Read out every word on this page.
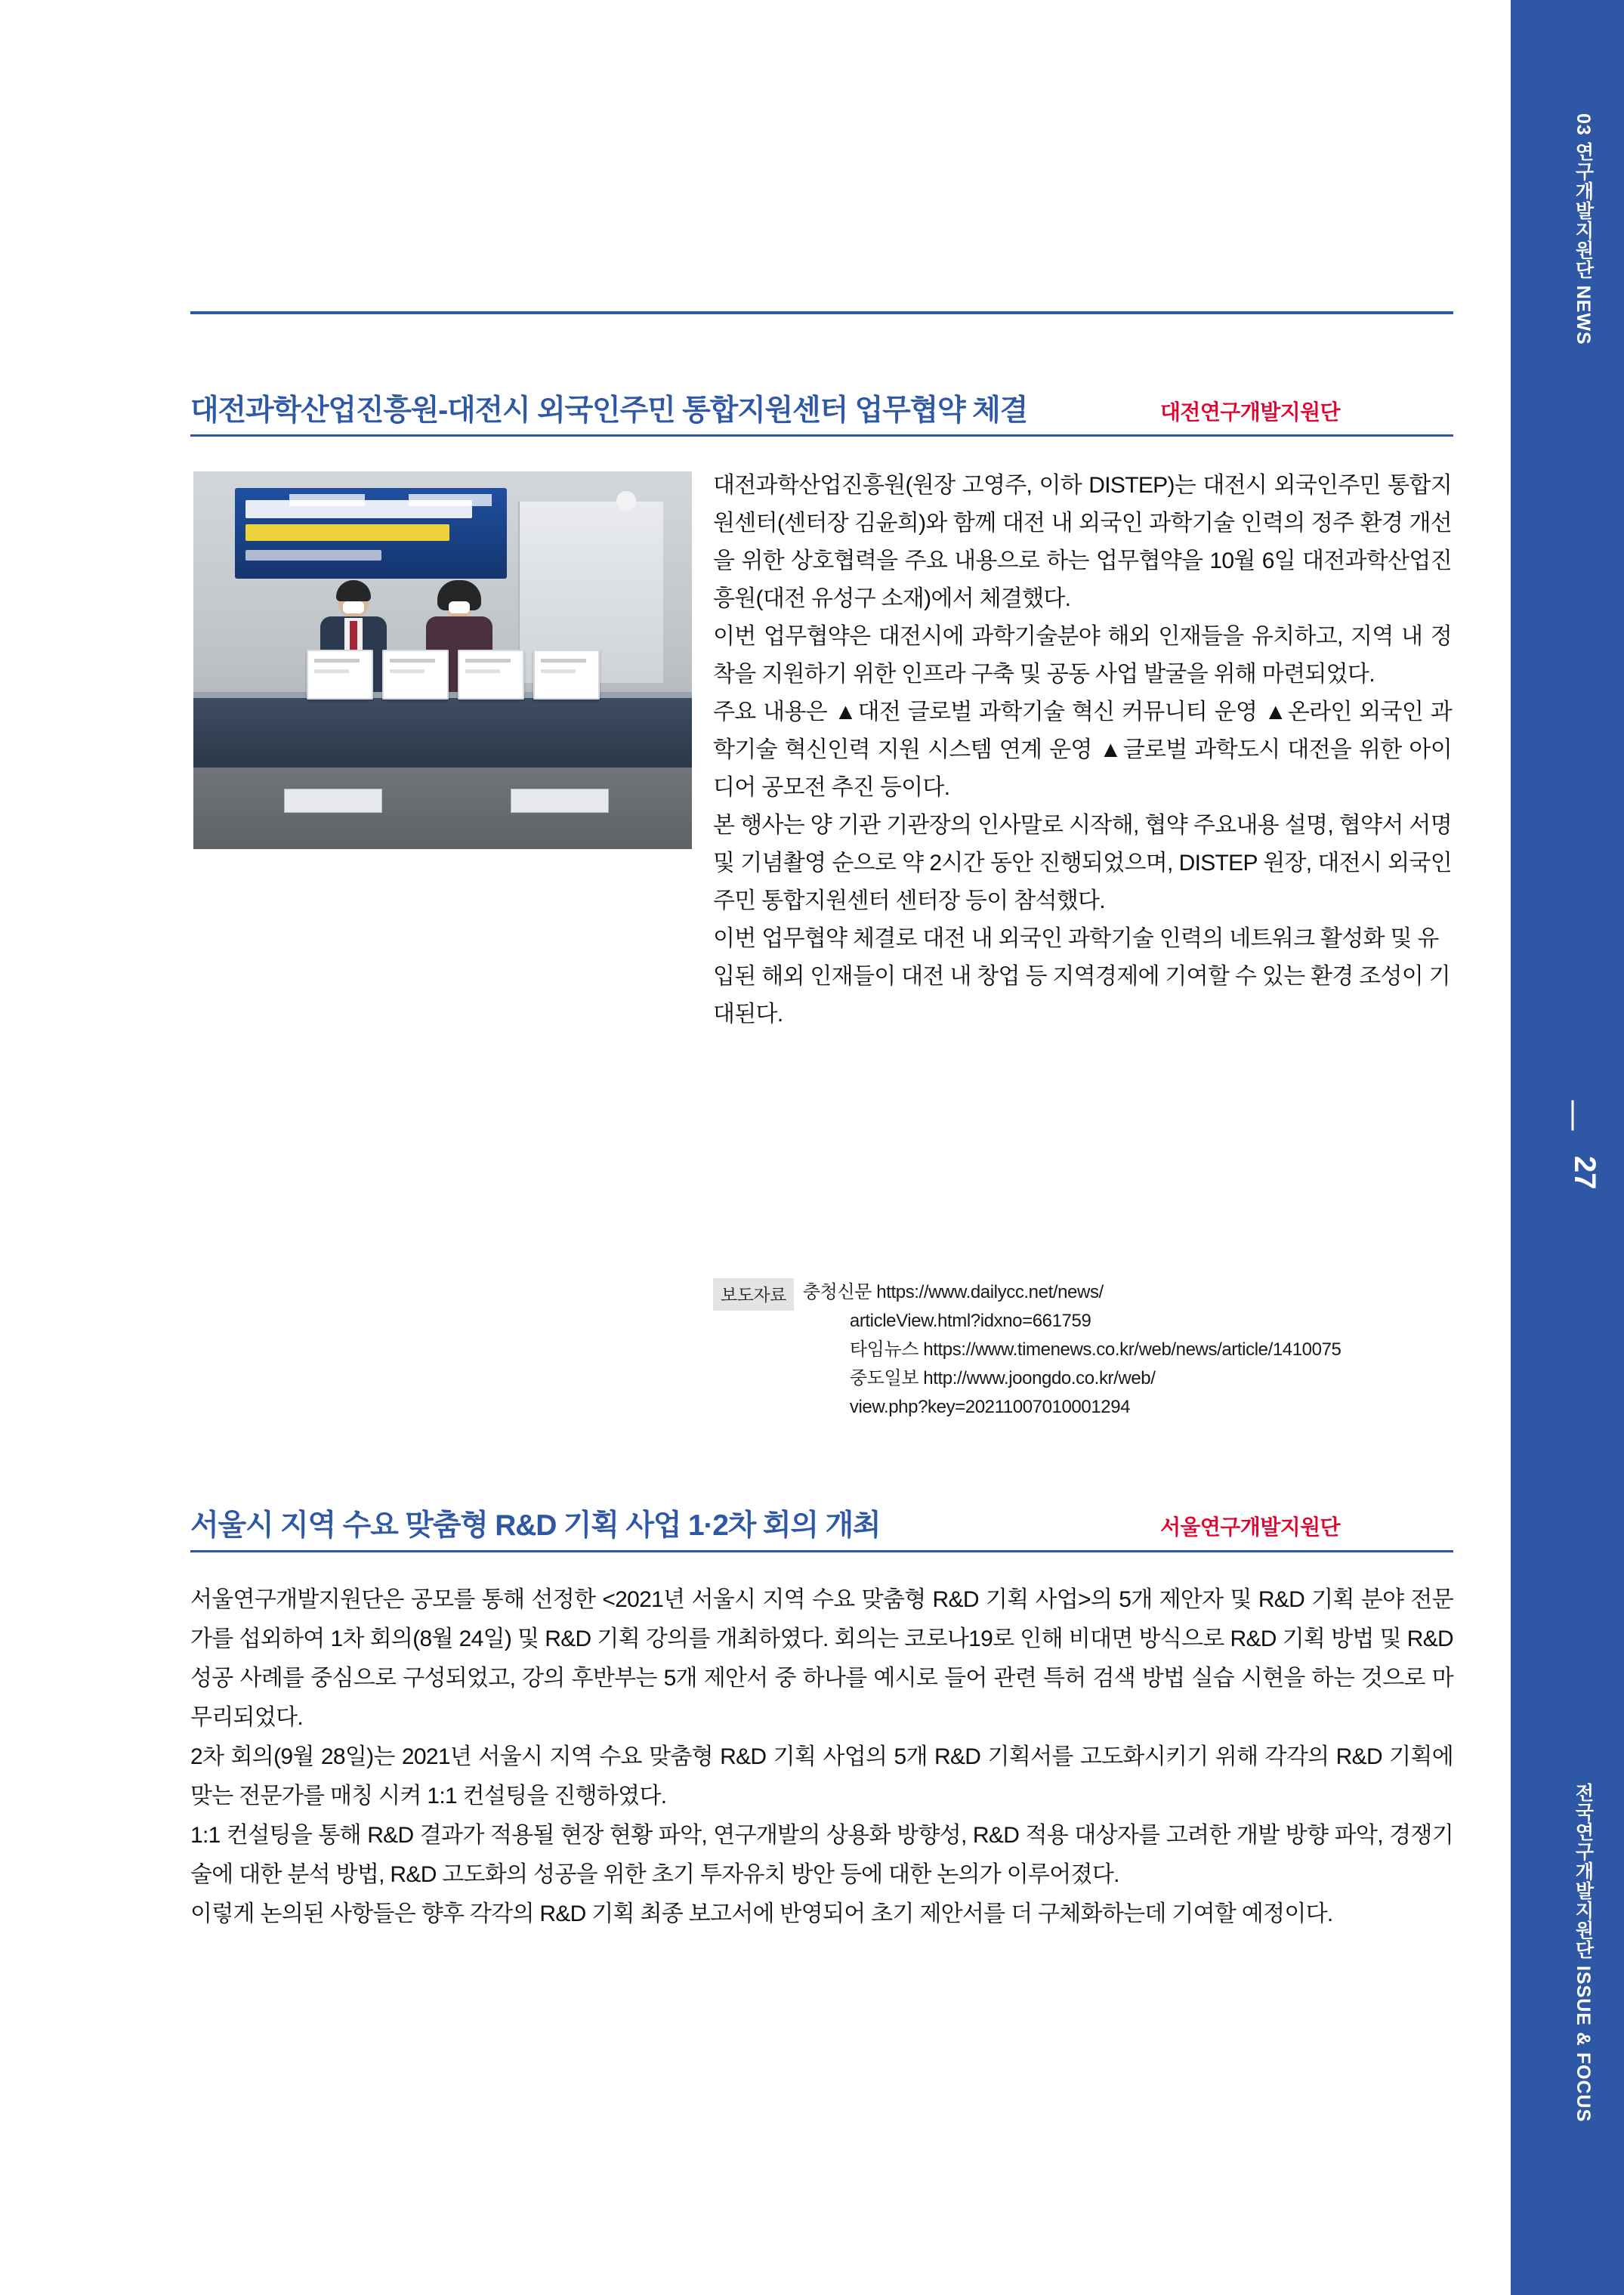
대전과학산업진흥원-대전시 외국인주민 통합지원센터 업무협약 체결	대전연구개발지원단

대전과학산업진흥원(원장 고영주, 이하 DISTEP)는 대전시 외국인주민 통합지원센터(센터장 김윤희)와 함께 대전 내 외국인 과학기술 인력의 정주 환경 개선을 위한 상호협력을 주요 내용으로 하는 업무협약을 10월 6일 대전과학산업진흥원(대전 유성구 소재)에서 체결했다.

이번 업무협약은 대전시에 과학기술분야 해외 인재들을 유치하고, 지역 내 정착을 지원하기 위한 인프라 구축 및 공동 사업 발굴을 위해 마련되었다.

주요 내용은 ▲대전 글로벌 과학기술 혁신 커뮤니티 운영 ▲온라인 외국인 과학기술 혁신인력 지원 시스템 연계 운영 ▲글로벌 과학도시 대전을 위한 아이디어 공모전 추진 등이다.

본 행사는 양 기관 기관장의 인사말로 시작해, 협약 주요내용 설명, 협약서 서명 및 기념촬영 순으로 약 2시간 동안 진행되었으며, DISTEP 원장, 대전시 외국인주민 통합지원센터 센터장 등이 참석했다.

이번 업무협약 체결로 대전 내 외국인 과학기술 인력의 네트워크 활성화 및 유입된 해외 인재들이 대전 내 창업 등 지역경제에 기여할 수 있는 환경 조성이 기대된다.

보도자료 충청신문 https://www.dailycc.net/news/
articleView.html?idxno=661759
타임뉴스 https://www.timenews.co.kr/web/news/article/1410075
중도일보 http://www.joongdo.co.kr/web/
view.php?key=20211007010001294
서울시 지역 수요 맞춤형 R&D 기획 사업 1·2차 회의 개최	서울연구개발지원단

서울연구개발지원단은 공모를 통해 선정한 <2021년 서울시 지역 수요 맞춤형 R&D 기획 사업>의 5개 제안자 및 R&D 기획 분야 전문가를 섭외하여 1차 회의(8월 24일) 및 R&D 기획 강의를 개최하였다. 회의는 코로나19로 인해 비대면 방식으로 R&D 기획 방법 및 R&D 성공 사례를 중심으로 구성되었고, 강의 후반부는 5개 제안서 중 하나를 예시로 들어 관련 특허 검색 방법 실습 시현을 하는 것으로 마무리되었다.

2차 회의(9월 28일)는 2021년 서울시 지역 수요 맞춤형 R&D 기획 사업의 5개 R&D 기획서를 고도화시키기 위해 각각의 R&D 기획에 맞는 전문가를 매칭 시켜 1:1 컨설팅을 진행하였다.

1:1 컨설팅을 통해 R&D 결과가 적용될 현장 현황 파악, 연구개발의 상용화 방향성, R&D 적용 대상자를 고려한 개발 방향 파악, 경쟁기술에 대한 분석 방법, R&D 고도화의 성공을 위한 초기 투자유치 방안 등에 대한 논의가 이루어졌다.

이렇게 논의된 사항들은 향후 각각의 R&D 기획 최종 보고서에 반영되어 초기 제안서를 더 구체화하는데 기여할 예정이다.

03 연구개발지원단 NEWS
27
전국연구개발지원단 ISSUE & FOCUS
